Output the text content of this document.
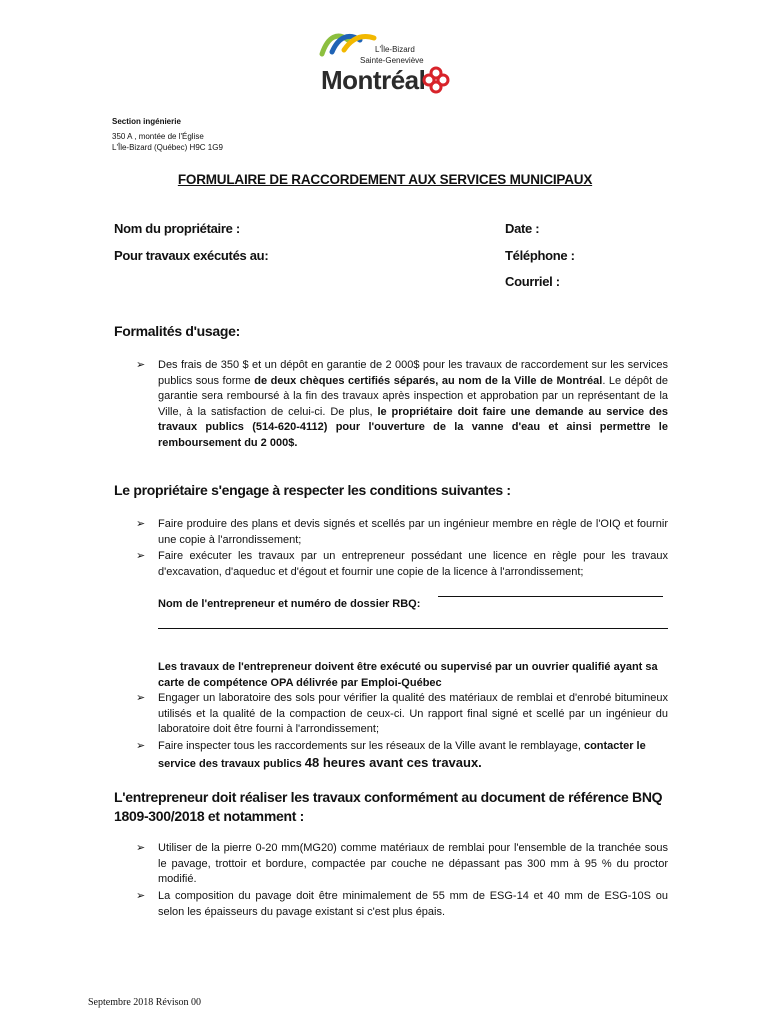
L'Île-Bizard
Sainte-Geneviève
Montréal
Section ingénierie
350 A , montée de l'Église
L'Île-Bizard (Québec) H9C 1G9
FORMULAIRE DE RACCORDEMENT AUX SERVICES MUNICIPAUX
Nom du propriétaire :	Date :
Pour travaux exécutés au:	Téléphone :
Courriel :
Formalités d'usage:
➢ Des frais de 350 $ et un dépôt en garantie de 2 000$ pour les travaux de raccordement sur les services publics sous forme de deux chèques certifiés séparés, au nom de la Ville de Montréal. Le dépôt de garantie sera remboursé à la fin des travaux après inspection et approbation par un représentant de la Ville, à la satisfaction de celui-ci. De plus, le propriétaire doit faire une demande au service des travaux publics (514-620-4112) pour l'ouverture de la vanne d'eau et ainsi permettre le remboursement du 2 000$.

Le propriétaire s'engage à respecter les conditions suivantes :
➢ Faire produire des plans et devis signés et scellés par un ingénieur membre en règle de l'OIQ et fournir une copie à l'arrondissement;

➢ Faire exécuter les travaux par un entrepreneur possédant une licence en règle pour les travaux d'excavation, d'aqueduc et d'égout et fournir une copie de la licence à l'arrondissement;

Nom de l'entrepreneur et numéro de dossier RBQ:

Les travaux de l'entrepreneur doivent être exécuté ou supervisé par un ouvrier qualifié ayant sa carte de compétence OPA délivrée par Emploi-Québec

➢ Engager un laboratoire des sols pour vérifier la qualité des matériaux de remblai et d'enrobé bitumineux utilisés et la qualité de la compaction de ceux-ci. Un rapport final signé et scellé par un ingénieur du laboratoire doit être fourni à l'arrondissement;

➢ Faire inspecter tous les raccordements sur les réseaux de la Ville avant le remblayage, contacter le service des travaux publics 48 heures avant ces travaux.

L'entrepreneur doit réaliser les travaux conformément au document de référence BNQ 1809-300/2018 et notamment :
➢ Utiliser de la pierre 0-20 mm(MG20) comme matériaux de remblai pour l'ensemble de la tranchée sous le pavage, trottoir et bordure, compactée par couche ne dépassant pas 300 mm à 95 % du proctor modifié.

➢ La composition du pavage doit être minimalement de 55 mm de ESG-14 et 40 mm de ESG-10S ou selon les épaisseurs du pavage existant si c'est plus épais.

Septembre 2018 Révison 00
